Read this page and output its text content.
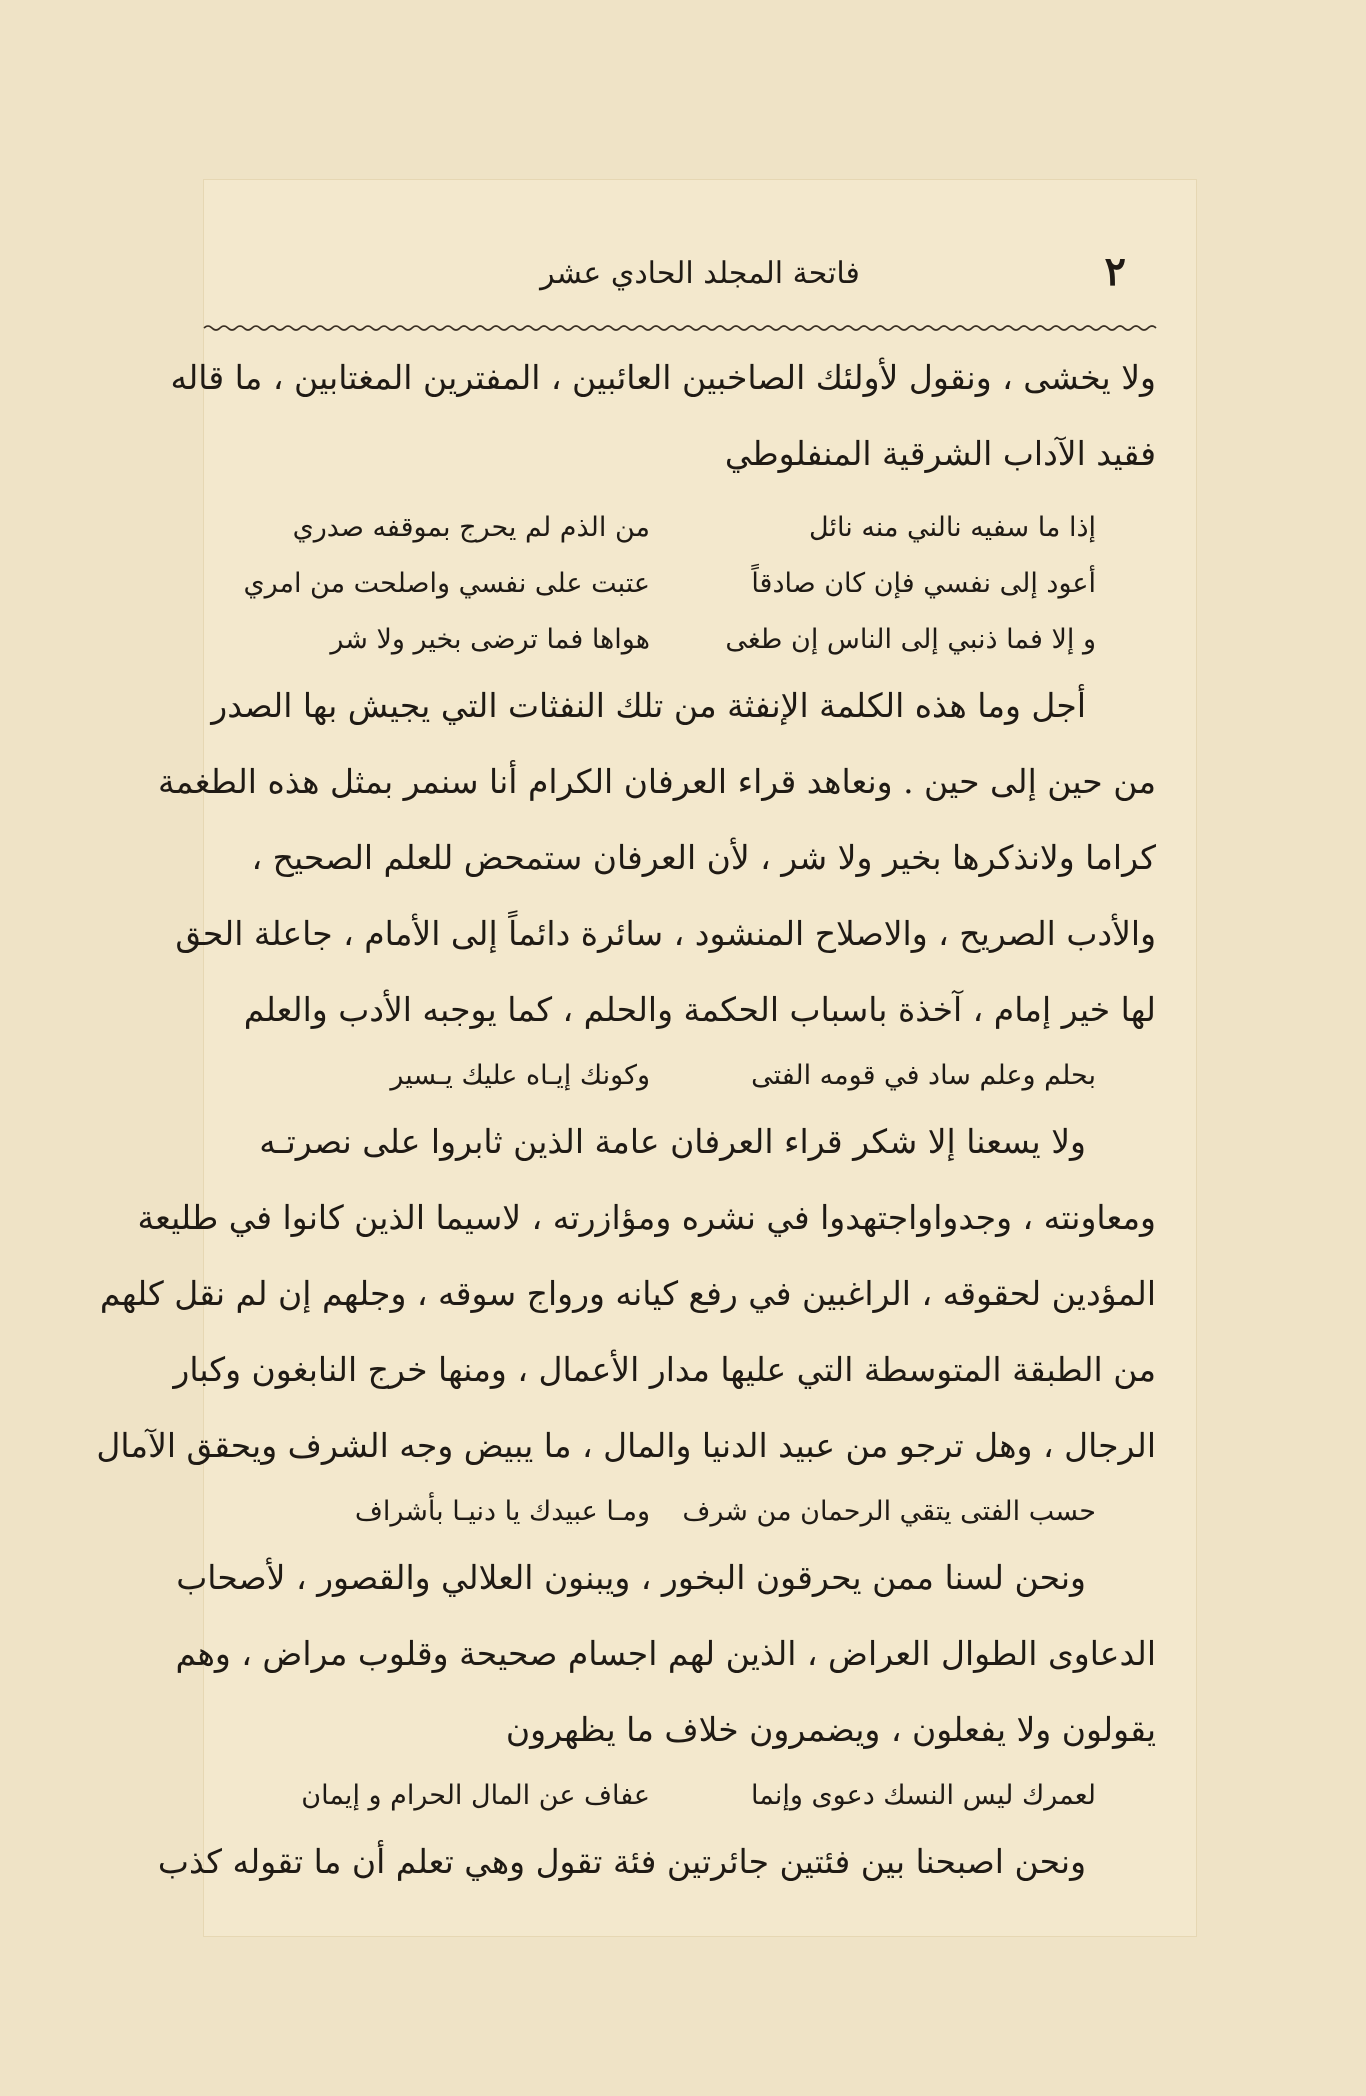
٢
فاتحة المجلد الحادي عشر
ولا يخشى ، ونقول لأولئك الصاخبين العائبين ، المفترين المغتابين ، ما قاله
فقيد الآداب الشرقية المنفلوطي
إذا ما سفيه نالني منه نائل
من الذم لم يحرج بموقفه صدري
أعود إلى نفسي فإن كان صادقاً
عتبت على نفسي واصلحت من امري
و إلا فما ذنبي إلى الناس إن طغى
هواها فما ترضى بخير ولا شر
أجل وما هذه الكلمة الإنفثة من تلك النفثات التي يجيش بها الصدر
من حين إلى حين . ونعاهد قراء العرفان الكرام أنا سنمر بمثل هذه الطغمة
كراما ولانذكرها بخير ولا شر ، لأن العرفان ستمحض للعلم الصحيح ،
والأدب الصريح ، والاصلاح المنشود ، سائرة دائماً إلى الأمام ، جاعلة الحق
لها خير إمام ، آخذة باسباب الحكمة والحلم ، كما يوجبه الأدب والعلم
بحلم وعلم ساد في قومه الفتى
وكونك إيـاه عليك يـسير
ولا يسعنا إلا شكر قراء العرفان عامة الذين ثابروا على نصرتـه
ومعاونته ، وجدواواجتهدوا في نشره ومؤازرته ، لاسيما الذين كانوا في طليعة
المؤدين لحقوقه ، الراغبين في رفع كيانه ورواج سوقه ، وجلهم إن لم نقل كلهم
من الطبقة المتوسطة التي عليها مدار الأعمال ، ومنها خرج النابغون وكبار
الرجال ، وهل ترجو من عبيد الدنيا والمال ، ما يبيض وجه الشرف ويحقق الآمال
حسب الفتى يتقي الرحمان من شرف
ومـا عبيدك يا دنيـا بأشراف
ونحن لسنا ممن يحرقون البخور ، ويبنون العلالي والقصور ، لأصحاب
الدعاوى الطوال العراض ، الذين لهم اجسام صحيحة وقلوب مراض ، وهم
يقولون ولا يفعلون ، ويضمرون خلاف ما يظهرون
لعمرك ليس النسك دعوى وإنما
عفاف عن المال الحرام و إيمان
ونحن اصبحنا بين فئتين جائرتين فئة تقول وهي تعلم أن ما تقوله كذب
